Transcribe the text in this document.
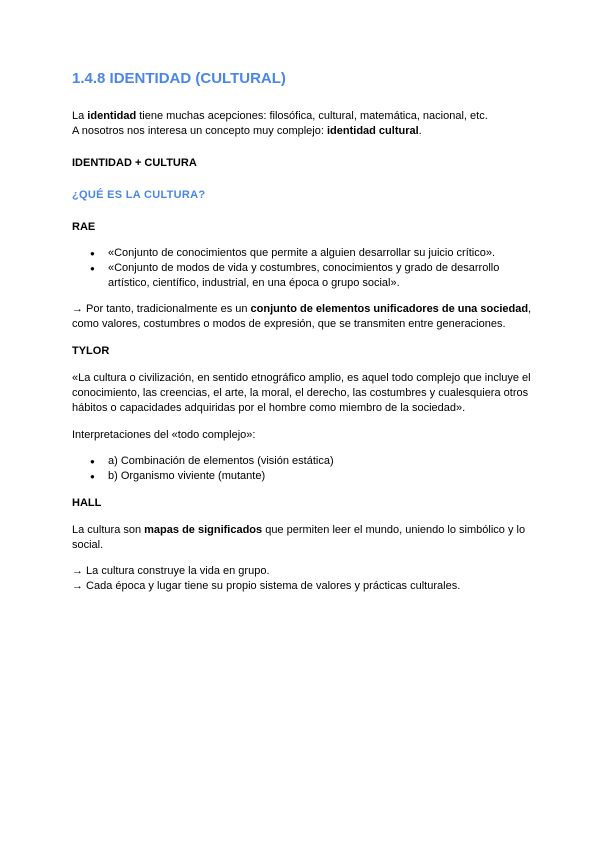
1.4.8 IDENTIDAD (CULTURAL)

La identidad tiene muchas acepciones: filosófica, cultural, matemática, nacional, etc.

A nosotros nos interesa un concepto muy complejo: identidad cultural.

IDENTIDAD + CULTURA

¿QUÉ ES LA CULTURA?

RAE

● «Conjunto de conocimientos que permite a alguien desarrollar su juicio crítico».
● «Conjunto de modos de vida y costumbres, conocimientos y grado de desarrollo artístico, científico, industrial, en una época o grupo social».

→ Por tanto, tradicionalmente es un conjunto de elementos unificadores de una sociedad, como valores, costumbres o modos de expresión, que se transmiten entre generaciones.

TYLOR

«La cultura o civilización, en sentido etnográfico amplio, es aquel todo complejo que incluye el conocimiento, las creencias, el arte, la moral, el derecho, las costumbres y cualesquiera otros hábitos o capacidades adquiridas por el hombre como miembro de la sociedad».

Interpretaciones del «todo complejo»:

● a) Combinación de elementos (visión estática)
● b) Organismo viviente (mutante)

HALL

La cultura son mapas de significados que permiten leer el mundo, uniendo lo simbólico y lo social.

→ La cultura construye la vida en grupo.

→ Cada época y lugar tiene su propio sistema de valores y prácticas culturales.
